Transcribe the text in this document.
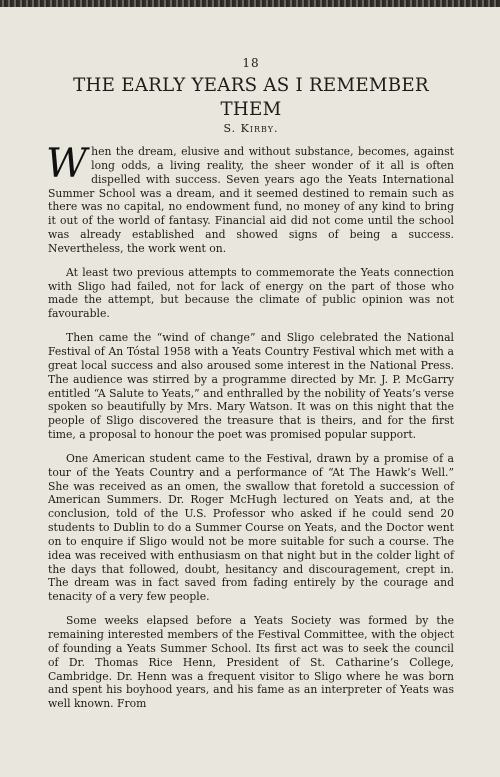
18
THE EARLY YEARS AS I REMEMBER THEM
S. Kirby.

When the dream, elusive and without substance, becomes, against long odds, a living reality, the sheer wonder of it all is often dispelled with success. Seven years ago the Yeats International Summer School was a dream, and it seemed destined to remain such as there was no capital, no endowment fund, no money of any kind to bring it out of the world of fantasy. Financial aid did not come until the school was already established and showed signs of being a success. Nevertheless, the work went on.

At least two previous attempts to commemorate the Yeats connection with Sligo had failed, not for lack of energy on the part of those who made the attempt, but because the climate of public opinion was not favourable.

Then came the “wind of change” and Sligo celebrated the National Festival of An Tóstal 1958 with a Yeats Country Festival which met with a great local success and also aroused some interest in the National Press. The audience was stirred by a programme directed by Mr. J. P. McGarry entitled “A Salute to Yeats,” and enthralled by the nobility of Yeats’s verse spoken so beautifully by Mrs. Mary Watson. It was on this night that the people of Sligo discovered the treasure that is theirs, and for the first time, a proposal to honour the poet was promised popular support.

One American student came to the Festival, drawn by a promise of a tour of the Yeats Country and a performance of “At The Hawk’s Well.” She was received as an omen, the swallow that foretold a succession of American Summers. Dr. Roger McHugh lectured on Yeats and, at the conclusion, told of the U.S. Professor who asked if he could send 20 students to Dublin to do a Summer Course on Yeats, and the Doctor went on to enquire if Sligo would not be more suitable for such a course. The idea was received with enthusiasm on that night but in the colder light of the days that followed, doubt, hesitancy and discouragement, crept in. The dream was in fact saved from fading entirely by the courage and tenacity of a very few people.

Some weeks elapsed before a Yeats Society was formed by the remaining interested members of the Festival Committee, with the object of founding a Yeats Summer School. Its first act was to seek the council of Dr. Thomas Rice Henn, President of St. Catharine’s College, Cambridge. Dr. Henn was a frequent visitor to Sligo where he was born and spent his boyhood years, and his fame as an interpreter of Yeats was well known. From
